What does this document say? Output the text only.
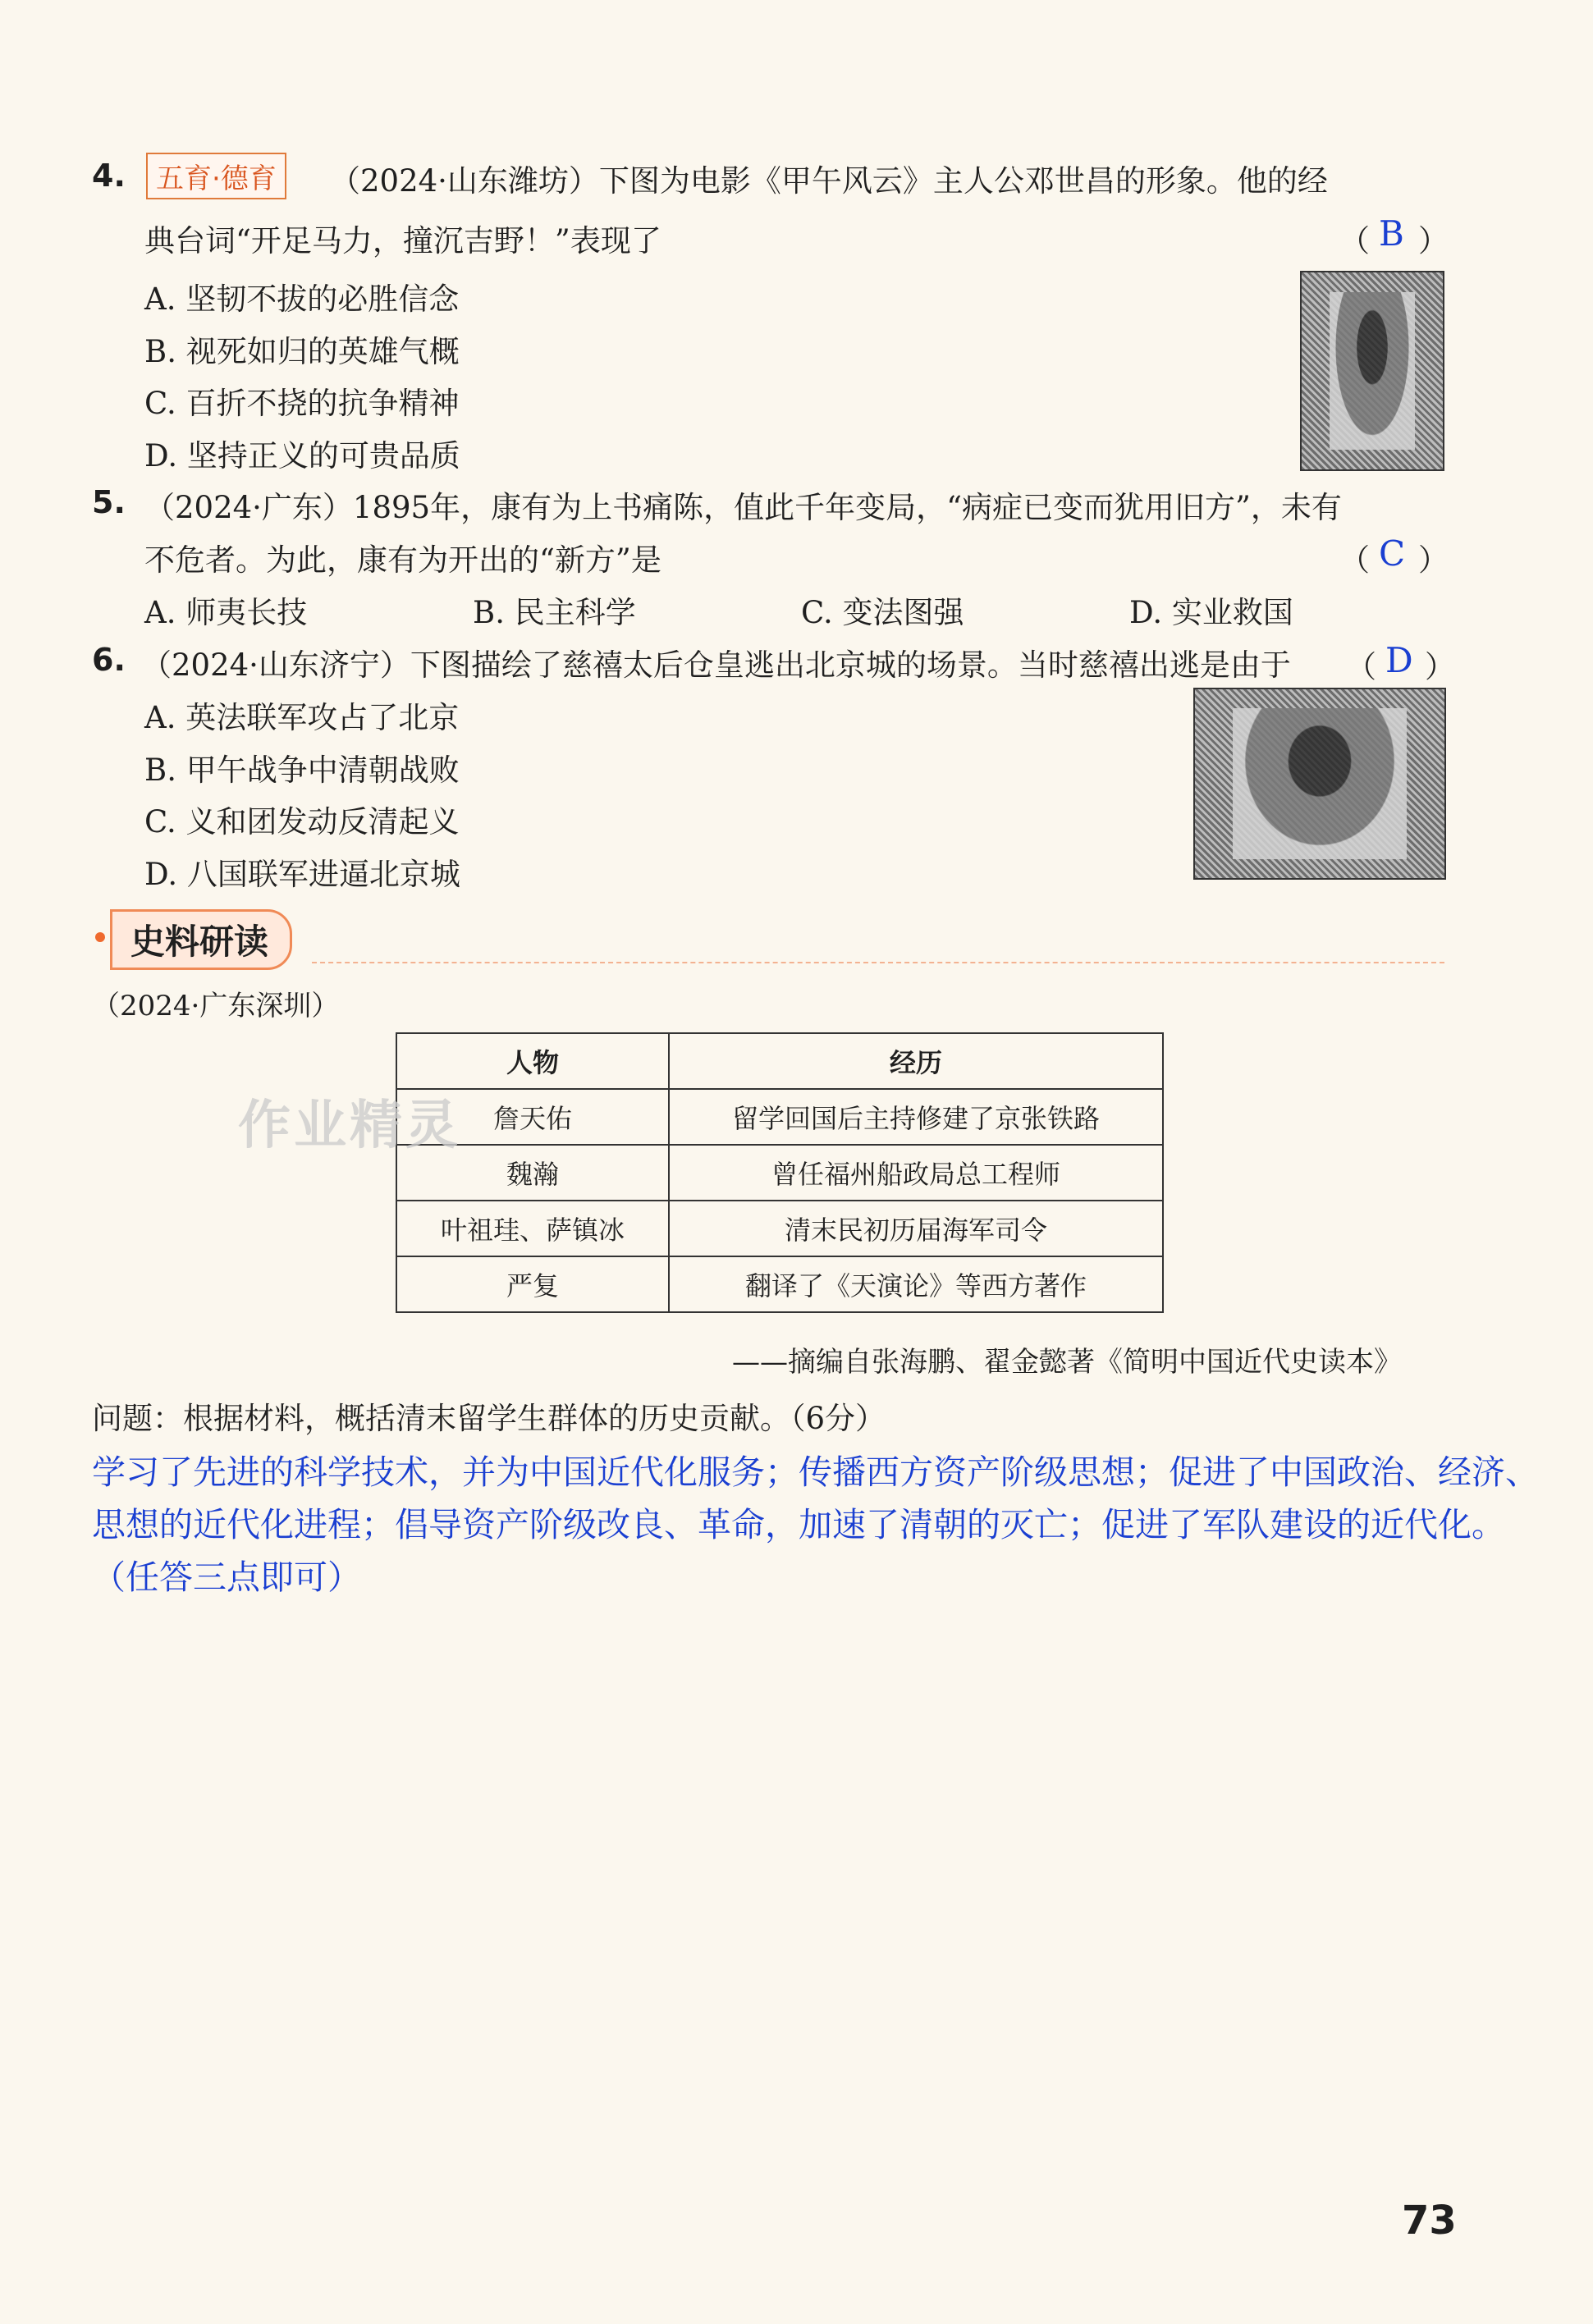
4.	五育·德育	（2024·山东潍坊）下图为电影《甲午风云》主人公邓世昌的形象。他的经
典台词“开足马力，撞沉吉野！”表现了	（ B ）
A. 坚韧不拔的必胜信念
B. 视死如归的英雄气概
C. 百折不挠的抗争精神
D. 坚持正义的可贵品质
5. （2024·广东）1895年，康有为上书痛陈，值此千年变局，“病症已变而犹用旧方”，未有
不危者。为此，康有为开出的“新方”是	（ C ）
A. 师夷长技	B. 民主科学	C. 变法图强	D. 实业救国
6. （2024·山东济宁）下图描绘了慈禧太后仓皇逃出北京城的场景。当时慈禧出逃是由于 （ D ）
A. 英法联军攻占了北京
B. 甲午战争中清朝战败
C. 义和团发动反清起义
D. 八国联军进逼北京城
史料研读
（2024·广东深圳）
人物	经历
詹天佑	留学回国后主持修建了京张铁路
魏瀚	曾任福州船政局总工程师
叶祖珪、萨镇冰	清末民初历届海军司令
严复	翻译了《天演论》等西方著作
作业精灵
——摘编自张海鹏、翟金懿著《简明中国近代史读本》
问题：根据材料，概括清末留学生群体的历史贡献。（6分）
学习了先进的科学技术，并为中国近代化服务；传播西方资产阶级思想；促进了中国政治、经济、思想的近代化进程；倡导资产阶级改良、革命，加速了清朝的灭亡；促进了军队建设的近代化。（任答三点即可）
73
